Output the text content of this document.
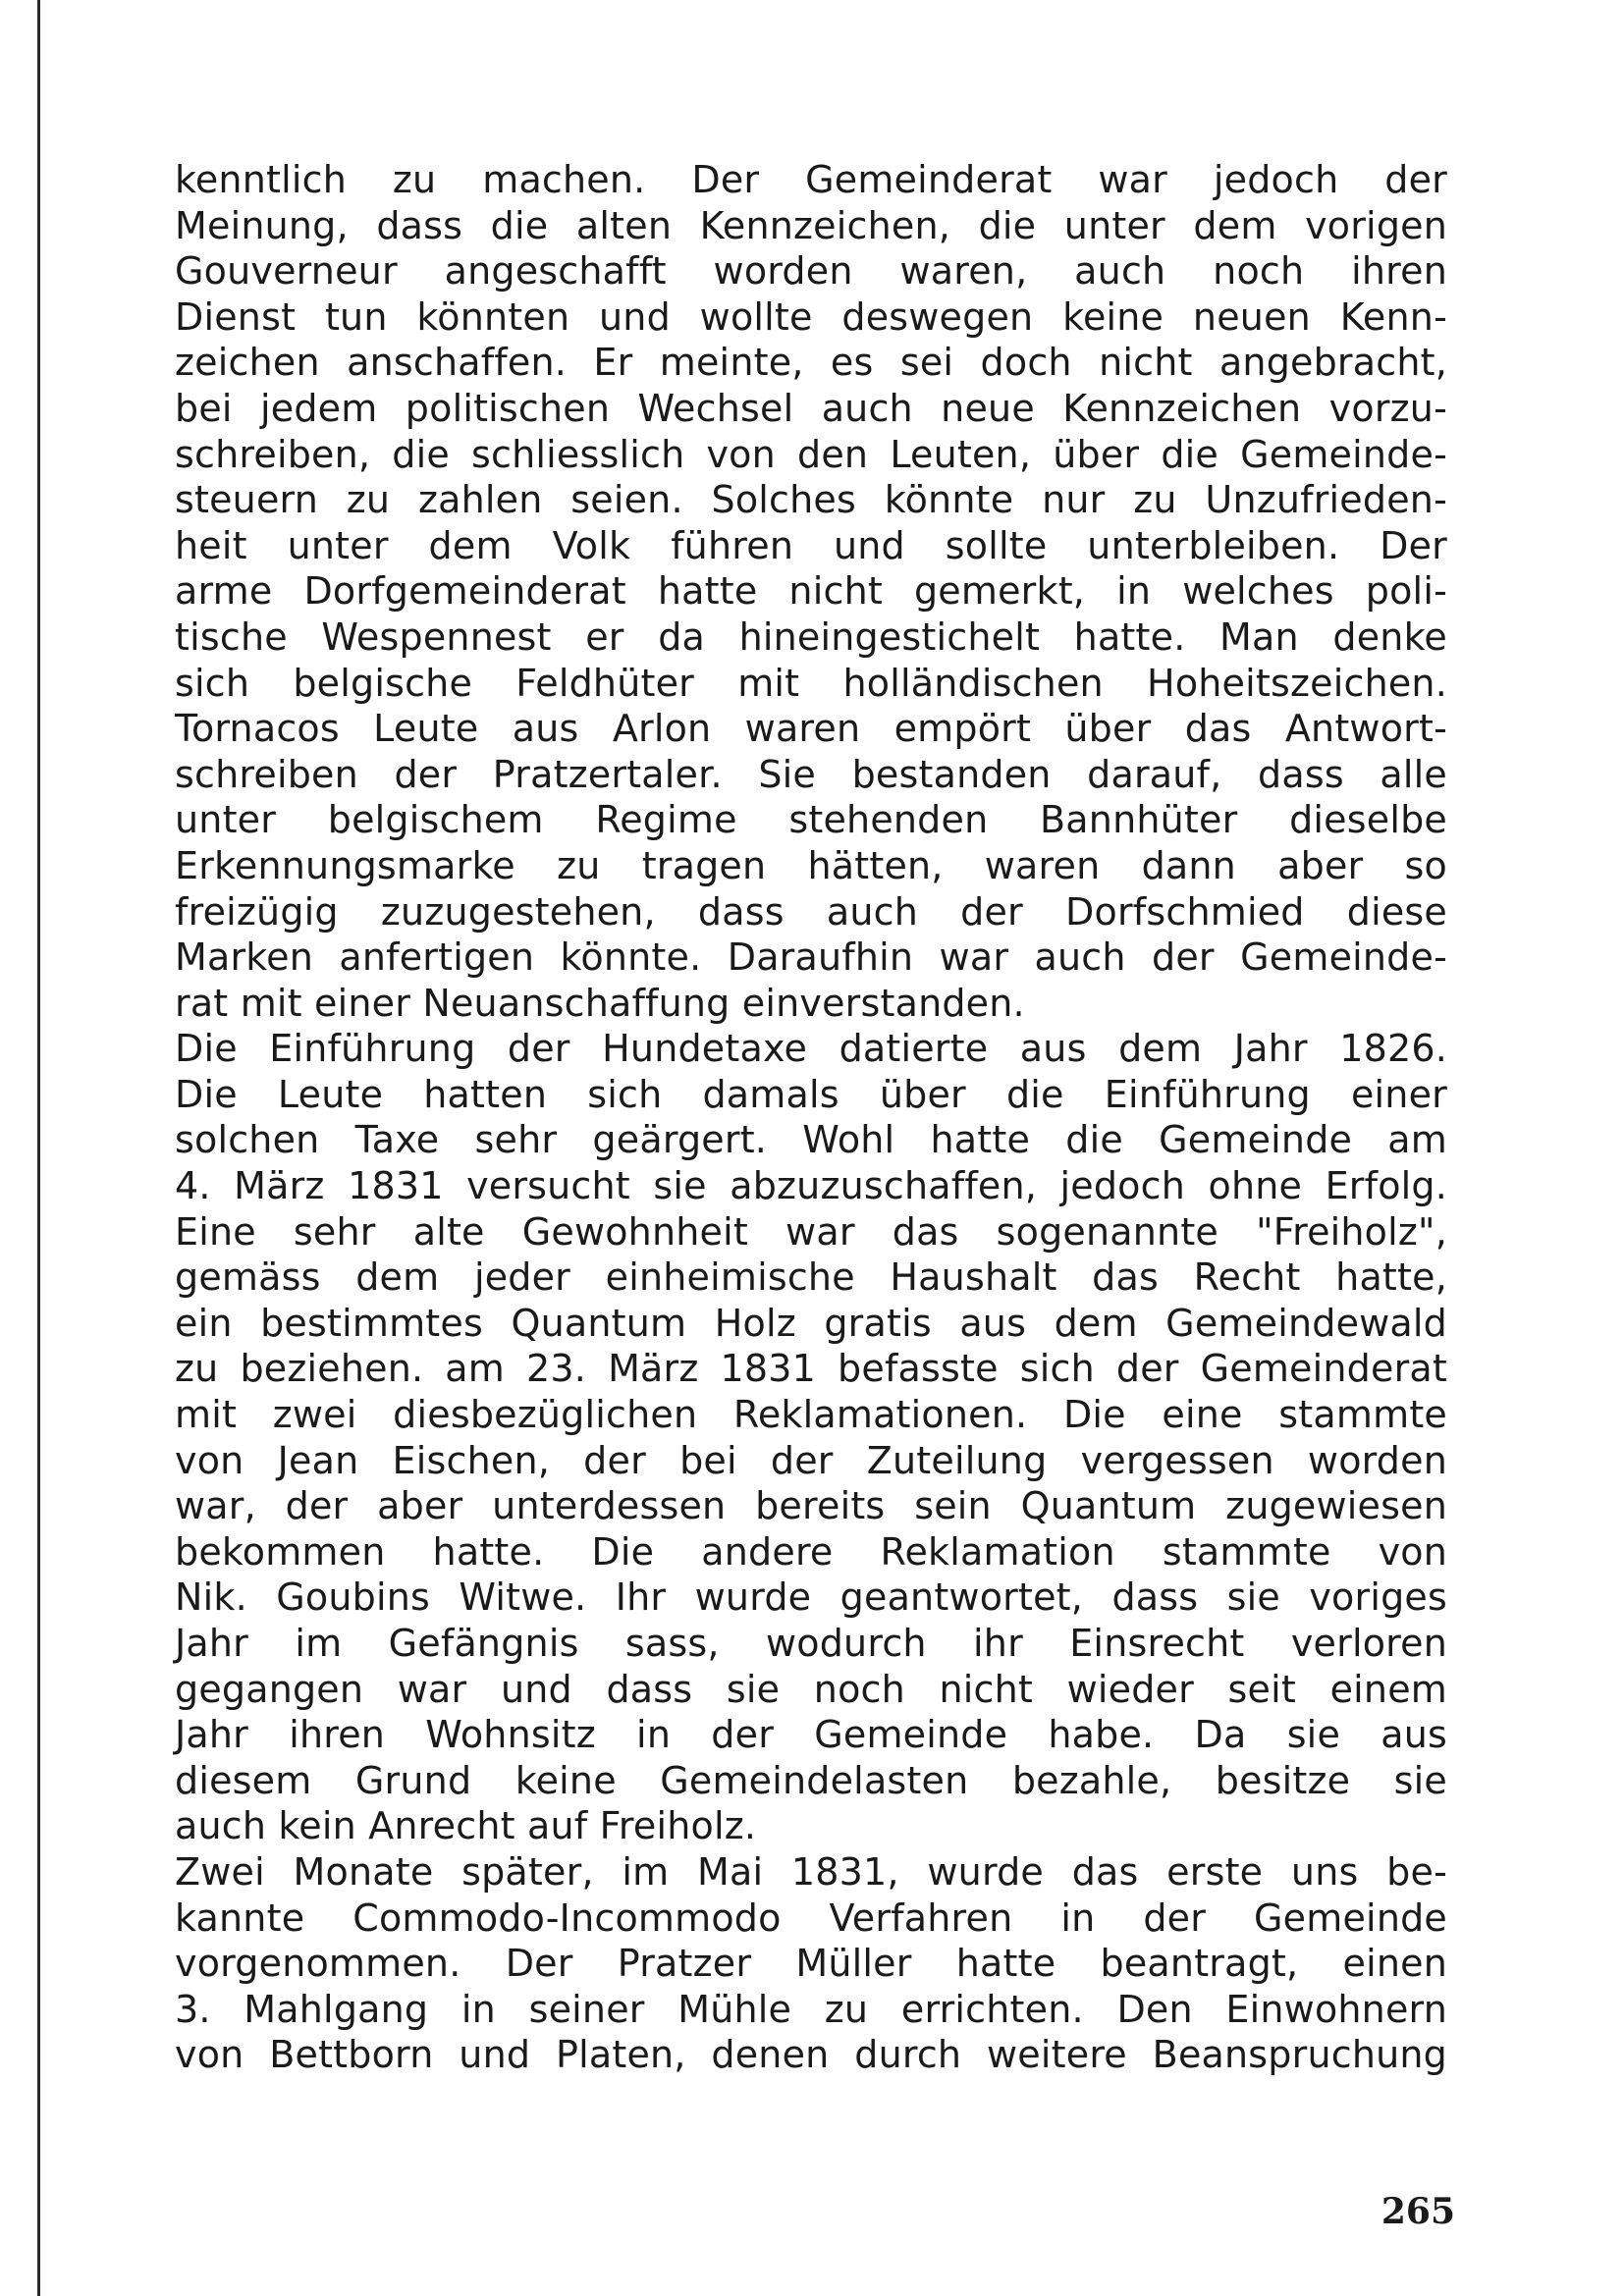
kenntlich zu machen. Der Gemeinderat war jedoch der
Meinung, dass die alten Kennzeichen, die unter dem vorigen
Gouverneur angeschafft worden waren, auch noch ihren
Dienst tun könnten und wollte deswegen keine neuen Kenn-
zeichen anschaffen. Er meinte, es sei doch nicht angebracht,
bei jedem politischen Wechsel auch neue Kennzeichen vorzu-
schreiben, die schliesslich von den Leuten, über die Gemeinde-
steuern zu zahlen seien. Solches könnte nur zu Unzufrieden-
heit unter dem Volk führen und sollte unterbleiben. Der
arme Dorfgemeinderat hatte nicht gemerkt, in welches poli-
tische Wespennest er da hineingestichelt hatte. Man denke
sich belgische Feldhüter mit holländischen Hoheitszeichen.
Tornacos Leute aus Arlon waren empört über das Antwort-
schreiben der Pratzertaler. Sie bestanden darauf, dass alle
unter belgischem Regime stehenden Bannhüter dieselbe
Erkennungsmarke zu tragen hätten, waren dann aber so
freizügig zuzugestehen, dass auch der Dorfschmied diese
Marken anfertigen könnte. Daraufhin war auch der Gemeinde-
rat mit einer Neuanschaffung einverstanden.
Die Einführung der Hundetaxe datierte aus dem Jahr 1826.
Die Leute hatten sich damals über die Einführung einer
solchen Taxe sehr geärgert. Wohl hatte die Gemeinde am
4. März 1831 versucht sie abzuzuschaffen, jedoch ohne Erfolg.
Eine sehr alte Gewohnheit war das sogenannte "Freiholz",
gemäss dem jeder einheimische Haushalt das Recht hatte,
ein bestimmtes Quantum Holz gratis aus dem Gemeindewald
zu beziehen. am 23. März 1831 befasste sich der Gemeinderat
mit zwei diesbezüglichen Reklamationen. Die eine stammte
von Jean Eischen, der bei der Zuteilung vergessen worden
war, der aber unterdessen bereits sein Quantum zugewiesen
bekommen hatte. Die andere Reklamation stammte von
Nik. Goubins Witwe. Ihr wurde geantwortet, dass sie voriges
Jahr im Gefängnis sass, wodurch ihr Einsrecht verloren
gegangen war und dass sie noch nicht wieder seit einem
Jahr ihren Wohnsitz in der Gemeinde habe. Da sie aus
diesem Grund keine Gemeindelasten bezahle, besitze sie
auch kein Anrecht auf Freiholz.
Zwei Monate später, im Mai 1831, wurde das erste uns be-
kannte Commodo-Incommodo Verfahren in der Gemeinde
vorgenommen. Der Pratzer Müller hatte beantragt, einen
3. Mahlgang in seiner Mühle zu errichten. Den Einwohnern
von Bettborn und Platen, denen durch weitere Beanspruchung
265
